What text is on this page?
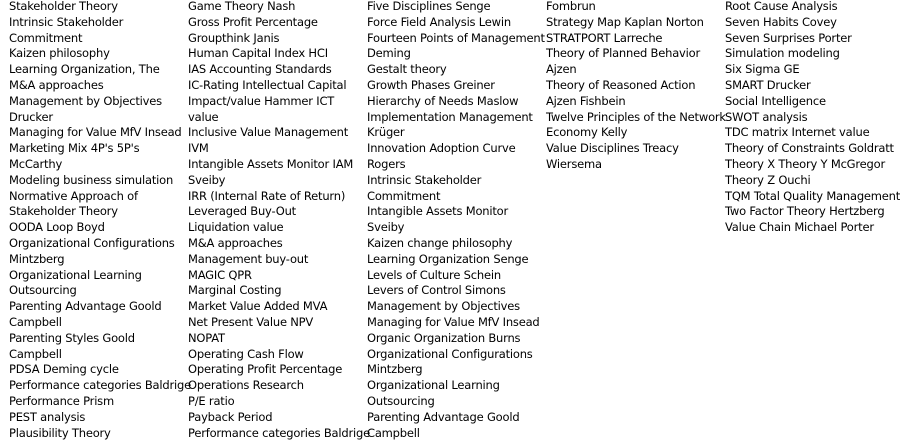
Stakeholder Theory
Intrinsic Stakeholder
Commitment
Kaizen philosophy
Learning Organization, The
M&A approaches
Management by Objectives
Drucker
Managing for Value MfV Insead
Marketing Mix 4P's 5P's
McCarthy
Modeling business simulation
Normative Approach of
Stakeholder Theory
OODA Loop Boyd
Organizational Configurations
Mintzberg
Organizational Learning
Outsourcing
Parenting Advantage Goold
Campbell
Parenting Styles Goold
Campbell
PDSA Deming cycle
Performance categories Baldrige
Performance Prism
PEST analysis
Plausibility Theory
Game Theory Nash
Gross Profit Percentage
Groupthink Janis
Human Capital Index HCI
IAS Accounting Standards
IC-Rating Intellectual Capital
Impact/value Hammer ICT
value
Inclusive Value Management
IVM
Intangible Assets Monitor IAM
Sveiby
IRR (Internal Rate of Return)
Leveraged Buy-Out
Liquidation value
M&A approaches
Management buy-out
MAGIC QPR
Marginal Costing
Market Value Added MVA
Net Present Value NPV
NOPAT
Operating Cash Flow
Operating Profit Percentage
Operations Research
P/E ratio
Payback Period
Performance categories Baldrige
Five Disciplines Senge
Force Field Analysis Lewin
Fourteen Points of Management
Deming
Gestalt theory
Growth Phases Greiner
Hierarchy of Needs Maslow
Implementation Management
Krüger
Innovation Adoption Curve
Rogers
Intrinsic Stakeholder
Commitment
Intangible Assets Monitor
Sveiby
Kaizen change philosophy
Learning Organization Senge
Levels of Culture Schein
Levers of Control Simons
Management by Objectives
Managing for Value MfV Insead
Organic Organization Burns
Organizational Configurations
Mintzberg
Organizational Learning
Outsourcing
Parenting Advantage Goold
Campbell
Fombrun
Strategy Map Kaplan Norton
STRATPORT Larreche
Theory of Planned Behavior
Ajzen
Theory of Reasoned Action
Ajzen Fishbein
Twelve Principles of the Network
Economy Kelly
Value Disciplines Treacy
Wiersema
Root Cause Analysis
Seven Habits Covey
Seven Surprises Porter
Simulation modeling
Six Sigma GE
SMART Drucker
Social Intelligence
SWOT analysis
TDC matrix Internet value
Theory of Constraints Goldratt
Theory X Theory Y McGregor
Theory Z Ouchi
TQM Total Quality Management
Two Factor Theory Hertzberg
Value Chain Michael Porter
